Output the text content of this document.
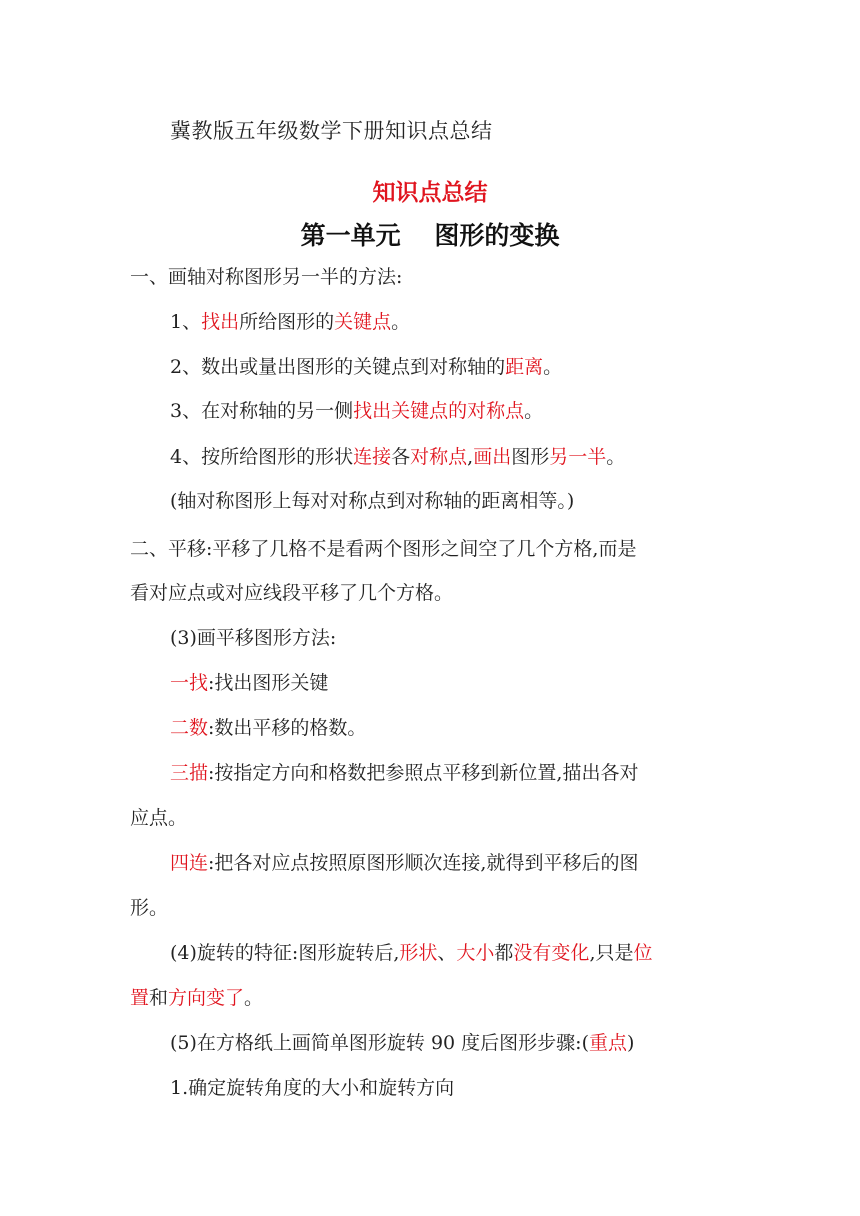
冀教版五年级数学下册知识点总结
知识点总结
第一单元　 图形的变换
一、画轴对称图形另一半的方法:
1、找出所给图形的关键点。
2、数出或量出图形的关键点到对称轴的距离。
3、在对称轴的另一侧找出关键点的对称点。
4、按所给图形的形状连接各对称点,画出图形另一半。
(轴对称图形上每对对称点到对称轴的距离相等。)
二、平移:平移了几格不是看两个图形之间空了几个方格,而是
看对应点或对应线段平移了几个方格。
(3)画平移图形方法:
一找:找出图形关键
二数:数出平移的格数。
三描:按指定方向和格数把参照点平移到新位置,描出各对
应点。
四连:把各对应点按照原图形顺次连接,就得到平移后的图
形。
(4)旋转的特征:图形旋转后,形状、大小都没有变化,只是位
置和方向变了。
(5)在方格纸上画简单图形旋转 90 度后图形步骤:(重点)
1.确定旋转角度的大小和旋转方向
